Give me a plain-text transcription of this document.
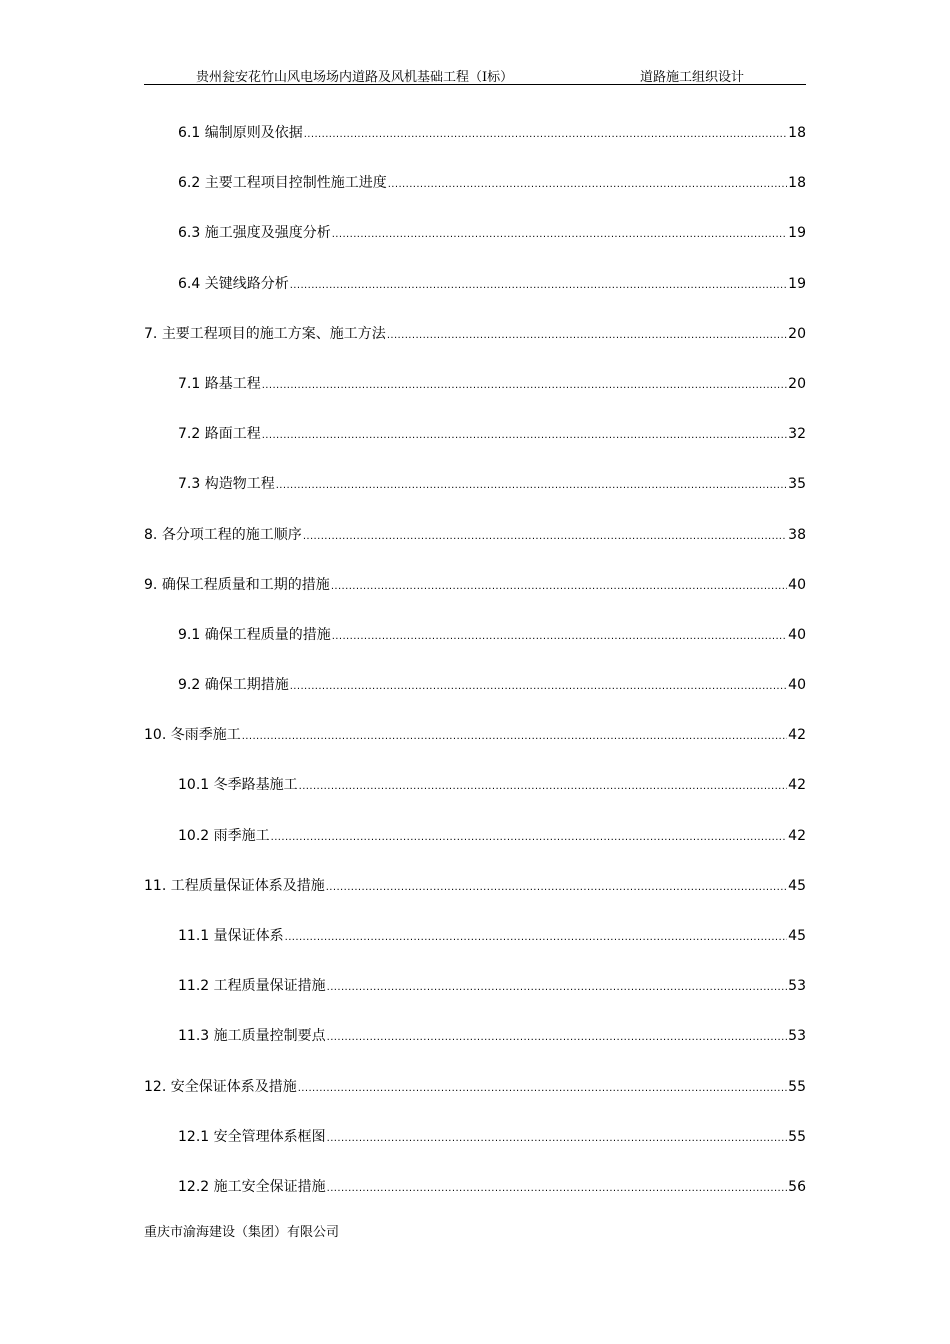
贵州瓮安花竹山风电场场内道路及风机基础工程（Ⅰ标）	道路施工组织设计
6.1 编制原则及依据 .....	18
6.2 主要工程项目控制性施工进度 .....	18
6.3 施工强度及强度分析 .....	19
6.4 关键线路分析 .....	19
7. 主要工程项目的施工方案、施工方法 .....	20
7.1 路基工程 .....	20
7.2 路面工程 .....	32
7.3 构造物工程 .....	35
8. 各分项工程的施工顺序 .....	38
9. 确保工程质量和工期的措施 .....	40
9.1 确保工程质量的措施 .....	40
9.2 确保工期措施 .....	40
10. 冬雨季施工 .....	42
10.1 冬季路基施工 .....	42
10.2 雨季施工 .....	42
11. 工程质量保证体系及措施 .....	45
11.1 量保证体系 .....	45
11.2 工程质量保证措施 .....	53
11.3 施工质量控制要点 .....	53
12. 安全保证体系及措施 .....	55
12.1 安全管理体系框图 .....	55
12.2 施工安全保证措施 .....	56
重庆市渝海建设（集团）有限公司
